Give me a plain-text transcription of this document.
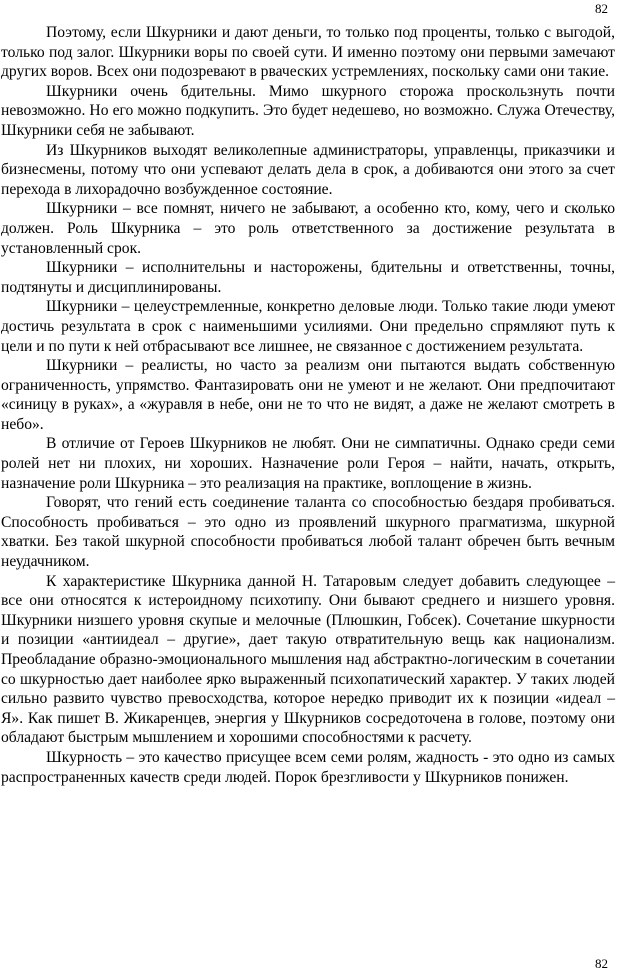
82

Поэтому, если Шкурники и дают деньги, то только под проценты, только с выгодой, только под залог. Шкурники воры по своей сути. И именно поэтому они первыми замечают других воров. Всех они подозревают в рваческих устремлениях, поскольку сами они такие.

Шкурники очень бдительны. Мимо шкурного сторожа проскользнуть почти невозможно. Но его можно подкупить. Это будет недешево, но возможно. Служа Отечеству, Шкурники себя не забывают.

Из Шкурников выходят великолепные администраторы, управленцы, приказчики и бизнесмены, потому что они успевают делать дела в срок, а добиваются они этого за счет перехода в лихорадочно возбужденное состояние.

Шкурники – все помнят, ничего не забывают, а особенно кто, кому, чего и сколько должен. Роль Шкурника – это роль ответственного за достижение результата в установленный срок.

Шкурники – исполнительны и насторожены, бдительны и ответственны, точны, подтянуты и дисциплинированы.

Шкурники – целеустремленные, конкретно деловые люди. Только такие люди умеют достичь результата в срок с наименьшими усилиями. Они предельно спрямляют путь к цели и по пути к ней отбрасывают все лишнее, не связанное с достижением результата.

Шкурники – реалисты, но часто за реализм они пытаются выдать собственную ограниченность, упрямство. Фантазировать они не умеют и не желают. Они предпочитают «синицу в руках», а «журавля в небе, они не то что не видят, а даже не желают смотреть в небо».

В отличие от Героев Шкурников не любят. Они не симпатичны. Однако среди семи ролей нет ни плохих, ни хороших. Назначение роли Героя – найти, начать, открыть, назначение роли Шкурника – это реализация на практике, воплощение в жизнь.

Говорят, что гений есть соединение таланта со способностью бездаря пробиваться. Способность пробиваться – это одно из проявлений шкурного прагматизма, шкурной хватки. Без такой шкурной способности пробиваться любой талант обречен быть вечным неудачником.

К характеристике Шкурника данной Н. Татаровым следует добавить следующее – все они относятся к истероидному психотипу. Они бывают среднего и низшего уровня. Шкурники низшего уровня скупые и мелочные (Плюшкин, Гобсек). Сочетание шкурности и позиции «антиидеал – другие», дает такую отвратительную вещь как национализм. Преобладание образно-эмоционального мышления над абстрактно-логическим в сочетании со шкурностью дает наиболее ярко выраженный психопатический характер. У таких людей сильно развито чувство превосходства, которое нередко приводит их к позиции «идеал – Я». Как пишет В. Жикаренцев, энергия у Шкурников сосредоточена в голове, поэтому они обладают быстрым мышлением и хорошими способностями к расчету.

Шкурность – это качество присущее всем семи ролям, жадность - это одно из самых распространенных качеств среди людей. Порок брезгливости у Шкурников понижен.

82
